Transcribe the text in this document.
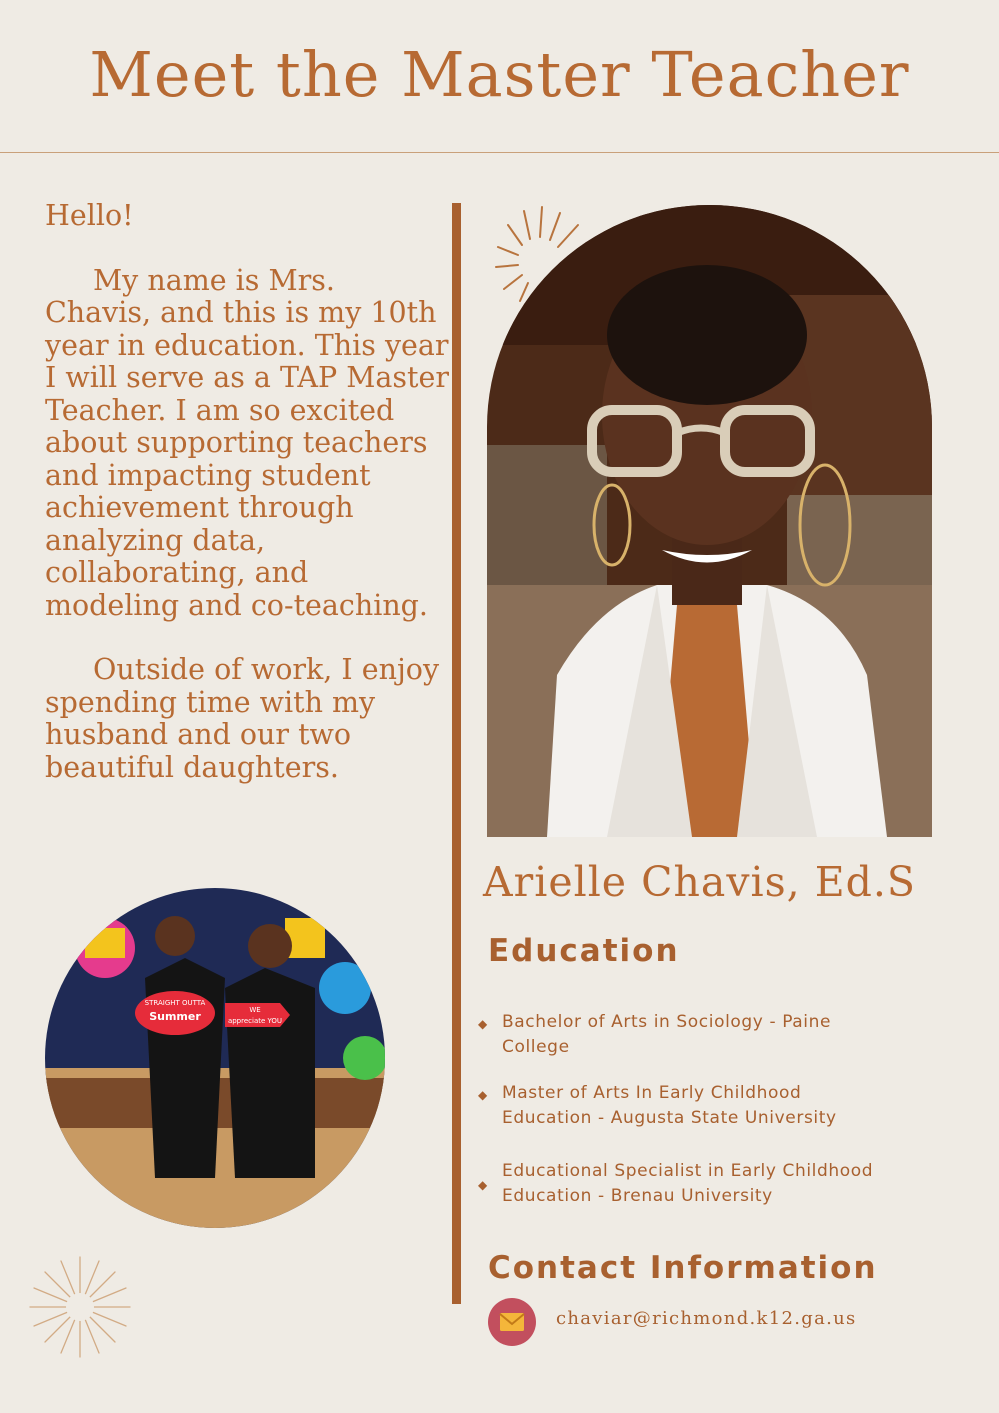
Meet the Master Teacher

Hello!

My name is Mrs. Chavis, and this is my 10th year in education. This year I will serve as a TAP Master Teacher. I am so excited about supporting teachers and impacting student achievement through analyzing data, collaborating, and modeling and co-teaching.

Outside of work, I enjoy spending time with my husband and our two beautiful daughters.

STRAIGHT OUTTA
Summer	WE
appreciate YOU
Arielle Chavis, Ed.S
Education
◆ Bachelor of Arts in Sociology - Paine College
◆ Master of Arts In Early Childhood Education - Augusta State University
◆
Educational Specialist in Early Childhood Education - Brenau University
Contact Information
chaviar@richmond.k12.ga.us
